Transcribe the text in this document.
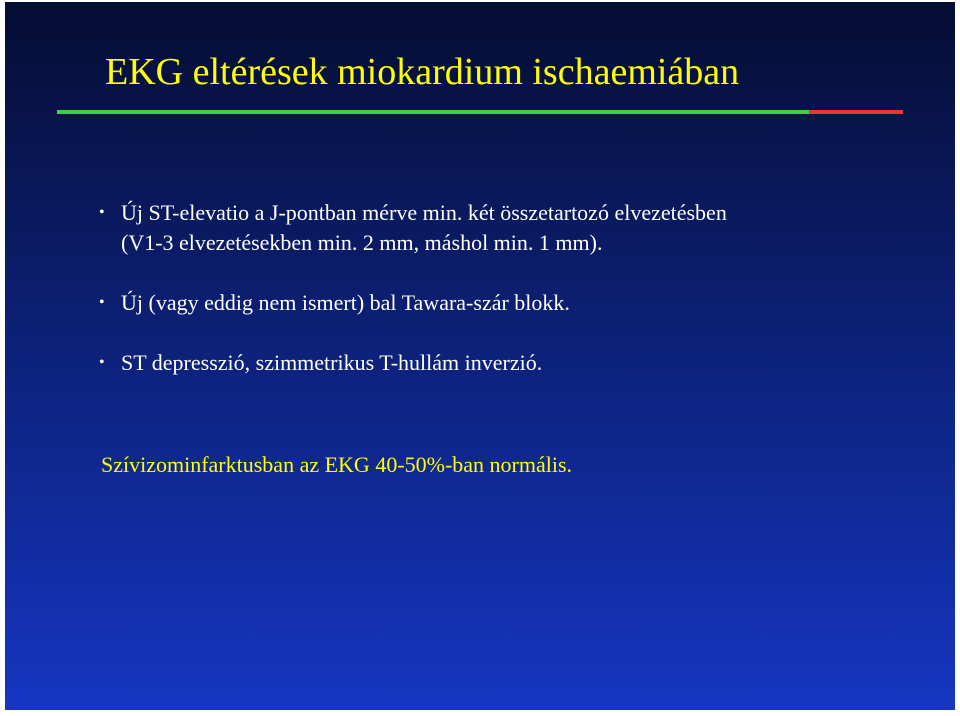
EKG eltérések miokardium ischaemiában
• Új ST-elevatio a J-pontban mérve min. két összetartozó elvezetésben
(V1-3 elvezetésekben min. 2 mm, máshol min. 1 mm).
• Új (vagy eddig nem ismert) bal Tawara-szár blokk.
• ST depresszió, szimmetrikus T-hullám inverzió.

Szívizominfarktusban az EKG 40-50%-ban normális.
